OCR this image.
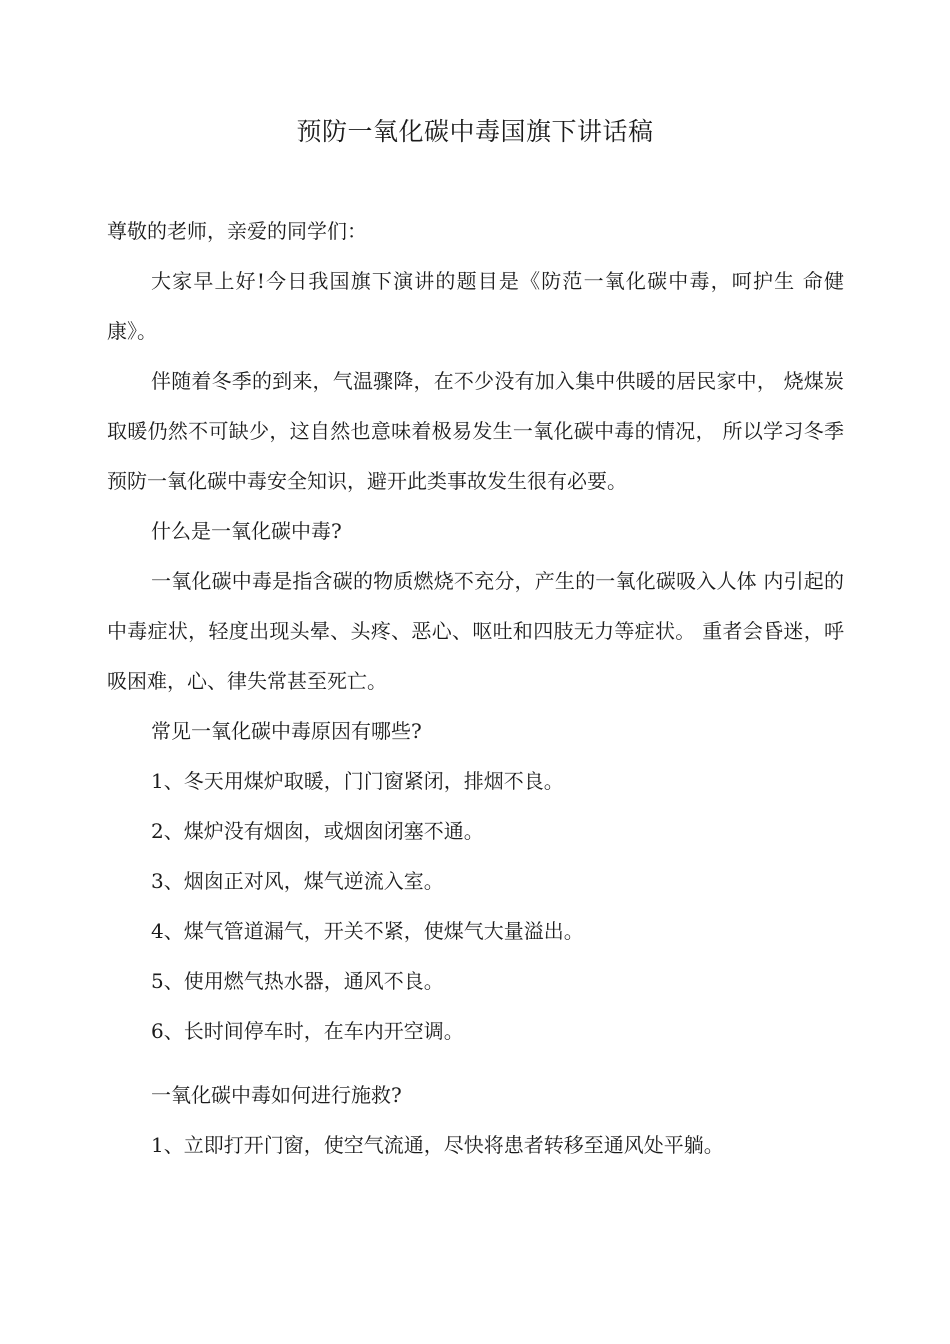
预防一氧化碳中毒国旗下讲话稿

尊敬的老师，亲爱的同学们：

大家早上好!今日我国旗下演讲的题目是《防范一氧化碳中毒，呵护生 命健康》。

伴随着冬季的到来，气温骤降，在不少没有加入集中供暖的居民家中， 烧煤炭取暖仍然不可缺少，这自然也意味着极易发生一氧化碳中毒的情况， 所以学习冬季预防一氧化碳中毒安全知识，避开此类事故发生很有必要。

什么是一氧化碳中毒?

一氧化碳中毒是指含碳的物质燃烧不充分，产生的一氧化碳吸入人体 内引起的中毒症状，轻度出现头晕、头疼、恶心、呕吐和四肢无力等症状。 重者会昏迷，呼吸困难，心、律失常甚至死亡。

常见一氧化碳中毒原因有哪些?

1、冬天用煤炉取暖，门门窗紧闭，排烟不良。

2、煤炉没有烟囱，或烟囱闭塞不通。

3、烟囱正对风，煤气逆流入室。

4、煤气管道漏气，开关不紧，使煤气大量溢出。

5、使用燃气热水器，通风不良。

6、长时间停车时，在车内开空调。

一氧化碳中毒如何进行施救?

1、立即打开门窗，使空气流通，尽快将患者转移至通风处平躺。
